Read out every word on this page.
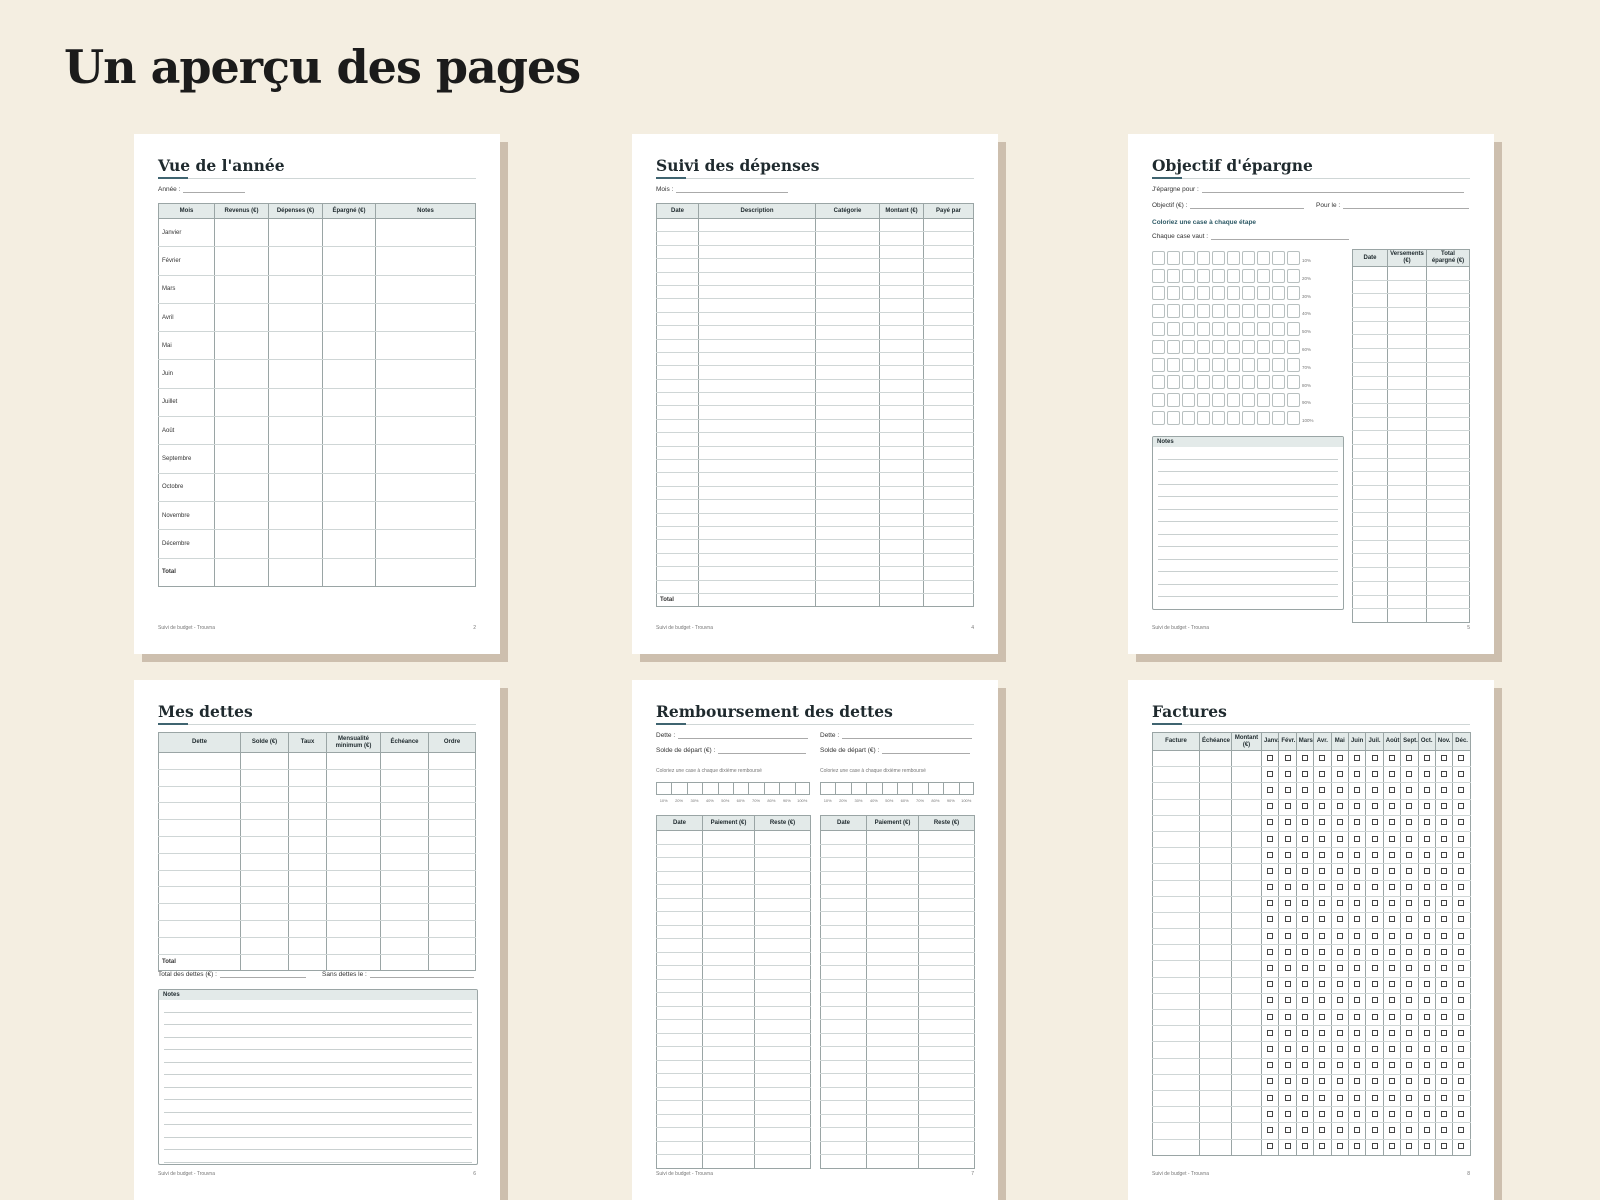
Un aperçu des pages
Vue de l'année
Année :
Mois	Revenus (€)	Dépenses (€)	Épargné (€)	Notes
Janvier				
Février				
Mars				
Avril				
Mai				
Juin				
Juillet				
Août				
Septembre				
Octobre				
Novembre				
Décembre				
Total				
Suivi de budget - Trouvna	2
Suivi des dépenses
Mois :
Date	Description	Catégorie	Montant (€)	Payé par

Total				
Suivi de budget - Trouvna	4
Objectif d'épargne
J'épargne pour :
Objectif (€) :	Pour le :
Coloriez une case à chaque étape
Chaque case vaut :
10%
20%
30%
40%
50%
60%
70%
80%
90%
100%
Notes
Date	Versements (€)	Total épargné (€)

Suivi de budget - Trouvna	5
Mes dettes
Dette	Solde (€)	Taux	Mensualité minimum (€)	Échéance	Ordre

Total					
Total des dettes (€) :	Sans dettes le :
Notes
Suivi de budget - Trouvna	6
Remboursement des dettes
Dette :
Solde de départ (€) :
Coloriez une case à chaque dixième remboursé
10%	20%	30%	40%	50%	60%	70%	80%	90%	100%
Date	Paiement (€)	Reste (€)

Dette :
Solde de départ (€) :
Coloriez une case à chaque dixième remboursé
10%	20%	30%	40%	50%	60%	70%	80%	90%	100%
Date	Paiement (€)	Reste (€)

Suivi de budget - Trouvna	7
Factures
Facture	Échéance	Montant (€)	Janv.	Févr.	Mars	Avr.	Mai	Juin	Juil.	Août	Sept.	Oct.	Nov.	Déc.

Suivi de budget - Trouvna	8
